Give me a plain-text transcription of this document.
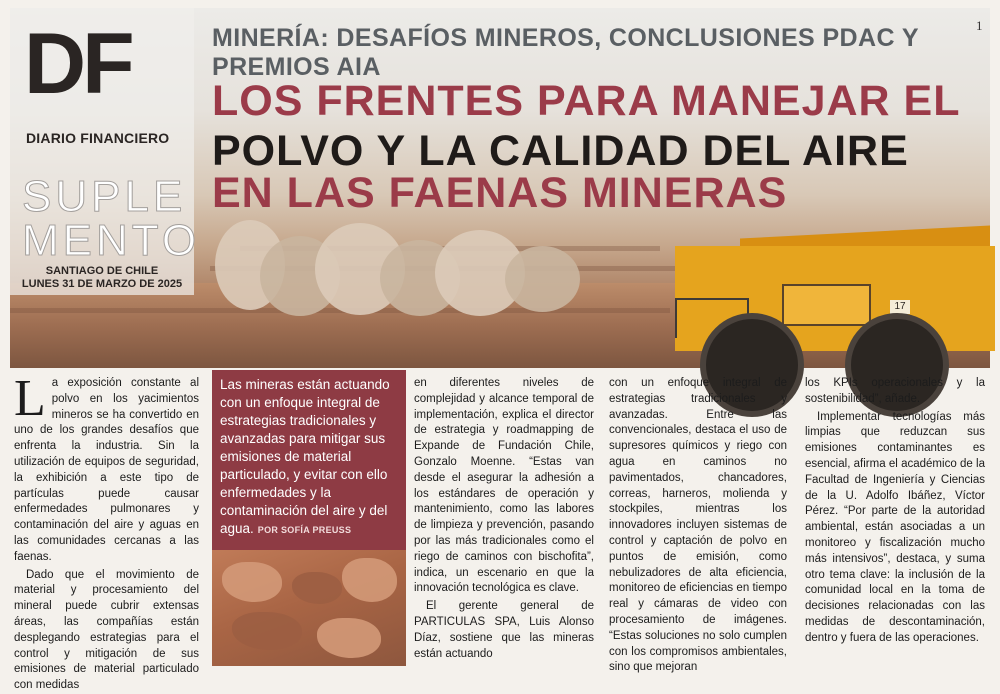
17
DF
DIARIO FINANCIERO
SUPLE
MENTO
SANTIAGO DE CHILE
LUNES 31 DE MARZO DE 2025
MINERÍA: DESAFÍOS MINEROS, CONCLUSIONES PDAC Y PREMIOS AIA
1
LOS FRENTES PARA MANEJAR EL
POLVO Y LA CALIDAD DEL AIRE
EN LAS FAENAS MINERAS

La exposición constante al polvo en los yacimientos mineros se ha convertido en uno de los grandes desafíos que enfrenta la industria. Sin la utilización de equipos de seguridad, la exhibición a este tipo de partículas puede causar enfermedades pulmonares y contaminación del aire y aguas en las comunidades cercanas a las faenas.

Dado que el movimiento de material y procesamiento del mineral puede cubrir extensas áreas, las compañías están desplegando estrategias para el control y mitigación de sus emisiones de material particulado con medidas

Las mineras están actuando con un enfoque integral de estrategias tradicionales y avanzadas para mitigar sus emisiones de material particulado, y evitar con ello enfermedades y la contaminación del aire y del agua. POR SOFÍA PREUSS

en diferentes niveles de complejidad y alcance temporal de implementación, explica el director de estrategia y roadmapping de Expande de Fundación Chile, Gonzalo Moenne. “Estas van desde el asegurar la adhesión a los estándares de operación y mantenimiento, como las labores de limpieza y prevención, pasando por las más tradicionales como el riego de caminos con bischofita”, indica, un escenario en que la innovación tecnológica es clave.

El gerente general de PARTICULAS SPA, Luis Alonso Díaz, sostiene que las mineras están actuando

con un enfoque integral de estrategias tradicionales y avanzadas. Entre las convencionales, destaca el uso de supresores químicos y riego con agua en caminos no pavimentados, chancadores, correas, harneros, molienda y stockpiles, mientras los innovadores incluyen sistemas de control y captación de polvo en puntos de emisión, como nebulizadores de alta eficiencia, monitoreo de eficiencias en tiempo real y cámaras de video con procesamiento de imágenes. “Estas soluciones no solo cumplen con los compromisos ambientales, sino que mejoran

los KPIs operacionales y la sostenibilidad”, añade.

Implementar tecnologías más limpias que reduzcan sus emisiones contaminantes es esencial, afirma el académico de la Facultad de Ingeniería y Ciencias de la U. Adolfo Ibáñez, Víctor Pérez. “Por parte de la autoridad ambiental, están asociadas a un monitoreo y fiscalización mucho más intensivos”, destaca, y suma otro tema clave: la inclusión de la comunidad local en la toma de decisiones relacionadas con las medidas de descontaminación, dentro y fuera de las operaciones.
